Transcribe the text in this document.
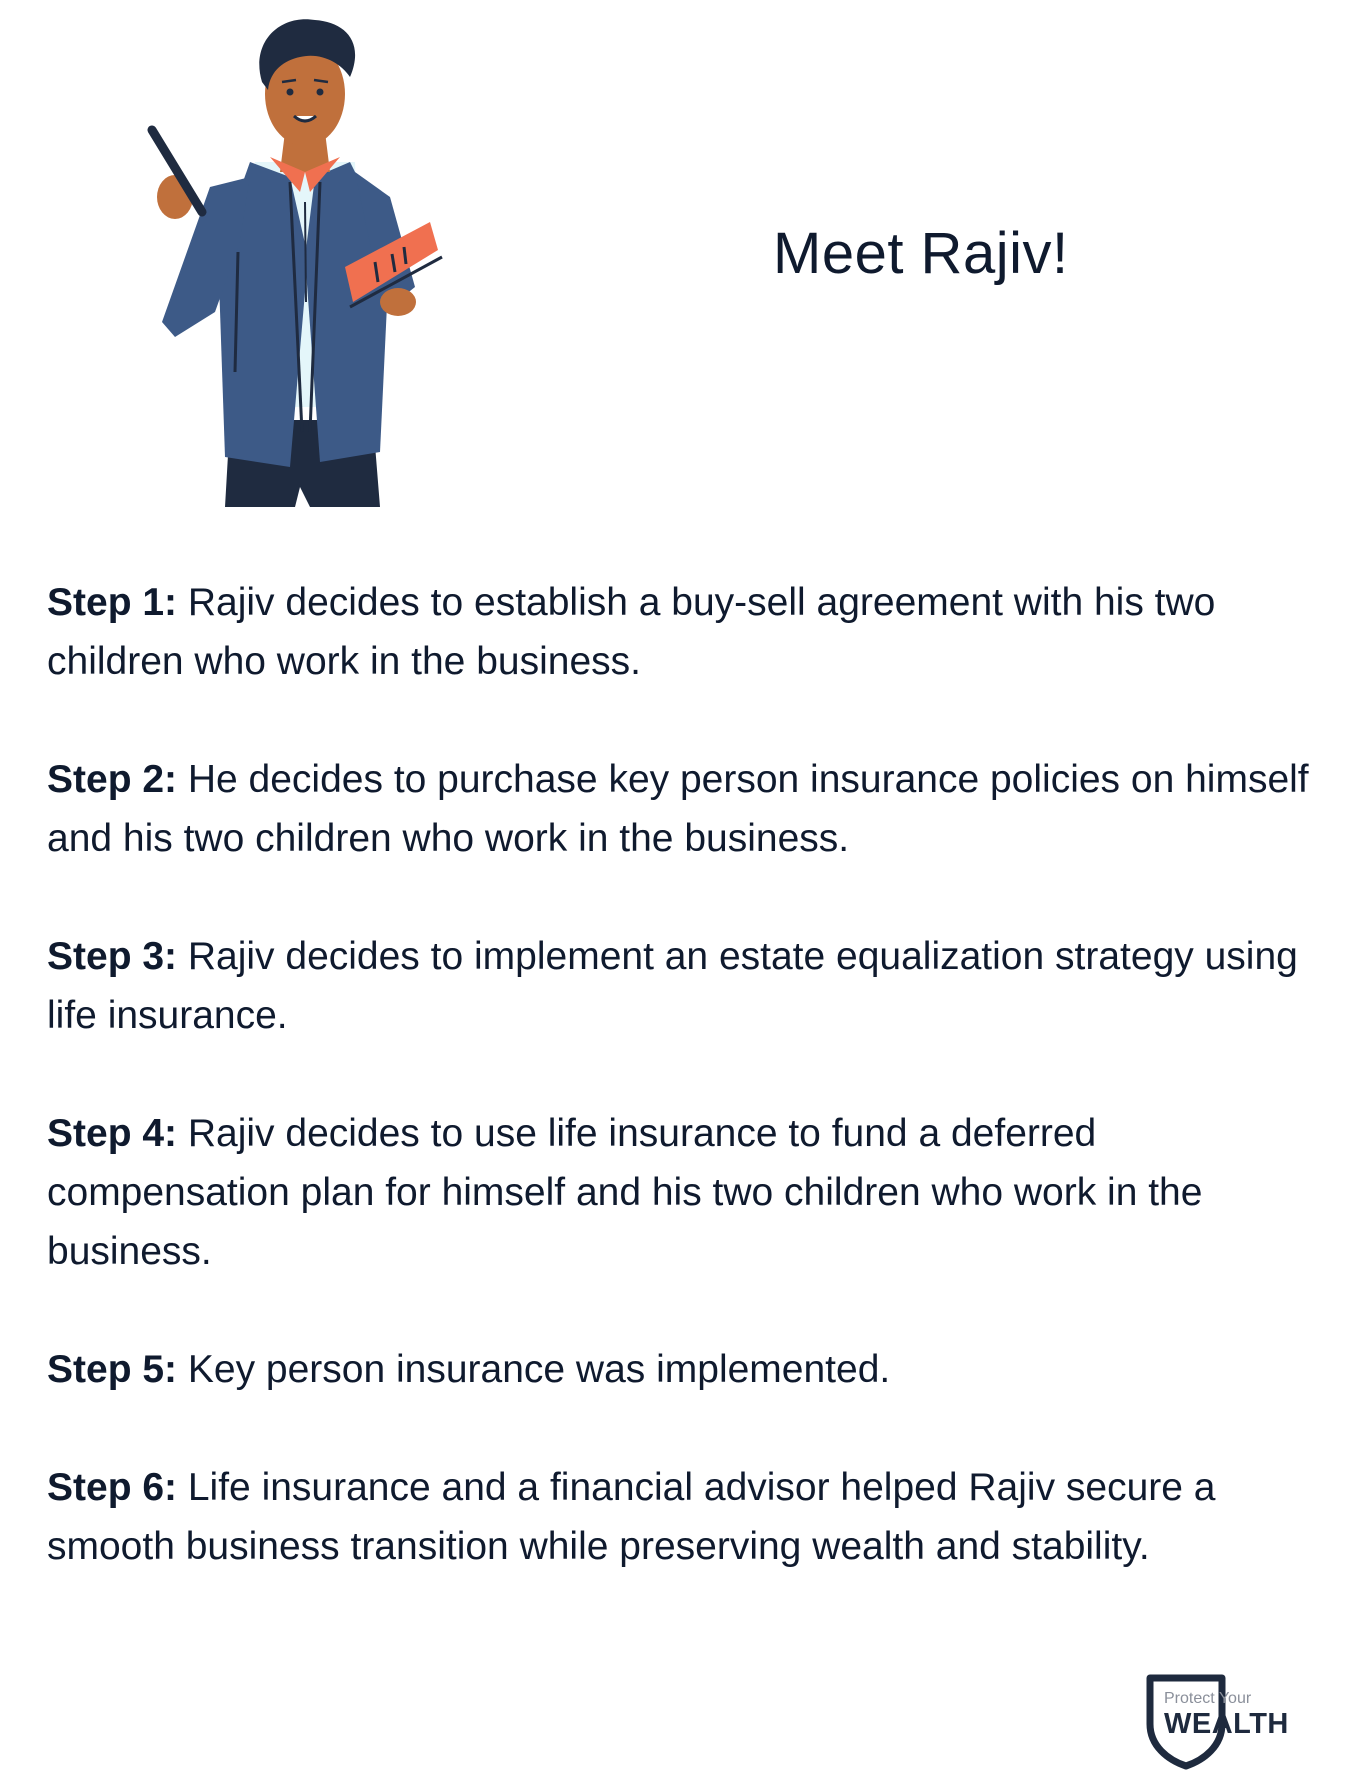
Meet Rajiv!

Step 1: Rajiv decides to establish a buy-sell agreement with his two children who work in the business.

Step 2: He decides to purchase key person insurance policies on himself and his two children who work in the business.

Step 3: Rajiv decides to implement an estate equalization strategy using life insurance.

Step 4: Rajiv decides to use life insurance to fund a deferred compensation plan for himself and his two children who work in the business.

Step 5: Key person insurance was implemented.

Step 6: Life insurance and a financial advisor helped Rajiv secure a smooth business transition while preserving wealth and stability.

Protect Your
WEALTH
